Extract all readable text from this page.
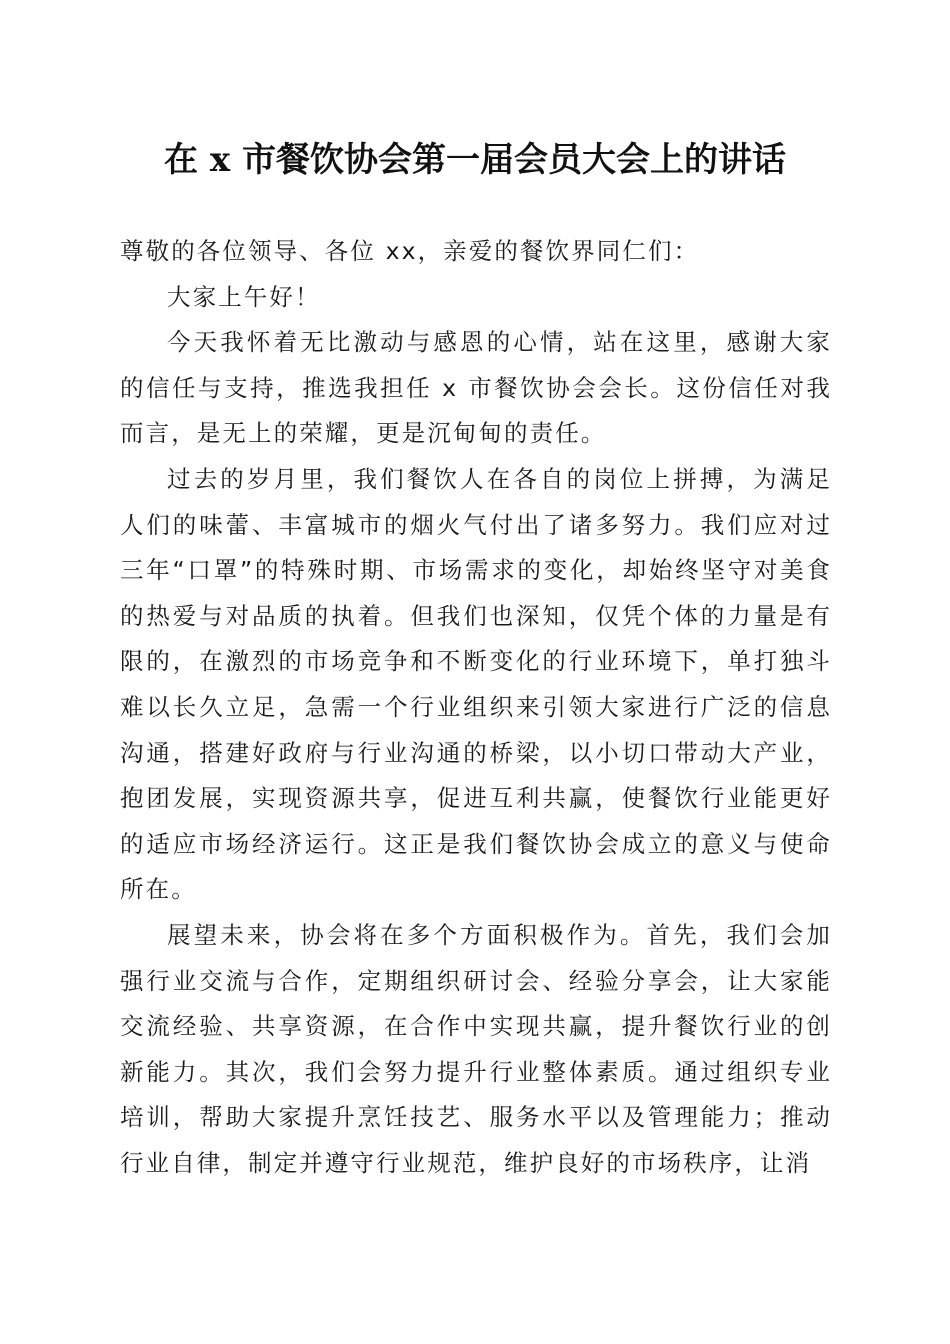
在 x 市餐饮协会第一届会员大会上的讲话

尊敬的各位领导、各位 xx，亲爱的餐饮界同仁们：

大家上午好！

今天我怀着无比激动与感恩的心情，站在这里，感谢大家的信任与支持，推选我担任 x 市餐饮协会会长。这份信任对我而言，是无上的荣耀，更是沉甸甸的责任。

过去的岁月里，我们餐饮人在各自的岗位上拼搏，为满足人们的味蕾、丰富城市的烟火气付出了诸多努力。我们应对过三年“口罩”的特殊时期、市场需求的变化，却始终坚守对美食的热爱与对品质的执着。但我们也深知，仅凭个体的力量是有限的，在激烈的市场竞争和不断变化的行业环境下，单打独斗难以长久立足，急需一个行业组织来引领大家进行广泛的信息沟通，搭建好政府与行业沟通的桥梁，以小切口带动大产业，抱团发展，实现资源共享，促进互利共赢，使餐饮行业能更好的适应市场经济运行。这正是我们餐饮协会成立的意义与使命所在。

展望未来，协会将在多个方面积极作为。首先，我们会加强行业交流与合作，定期组织研讨会、经验分享会，让大家能交流经验、共享资源，在合作中实现共赢，提升餐饮行业的创新能力。其次，我们会努力提升行业整体素质。通过组织专业培训，帮助大家提升烹饪技艺、服务水平以及管理能力；推动行业自律，制定并遵守行业规范，维护良好的市场秩序，让消
